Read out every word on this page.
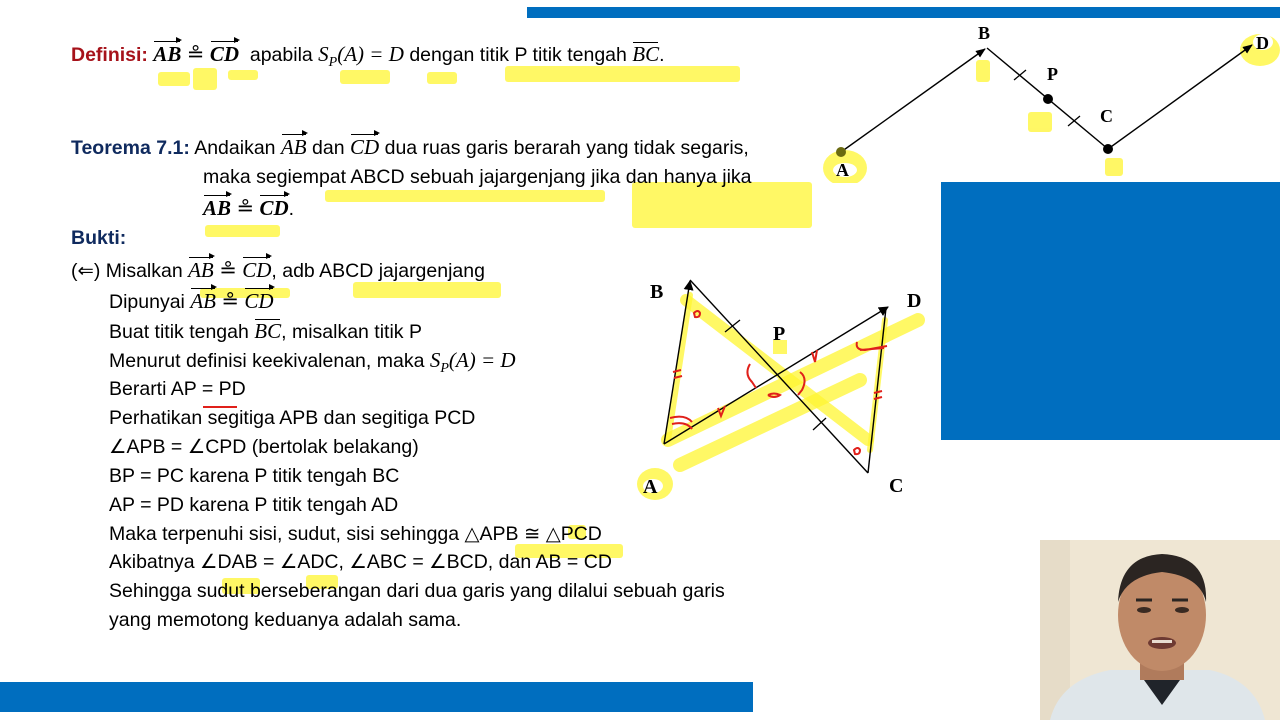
Definisi: AB ≗ CD apabila $S_P(A) = D$ dengan titik P titik tengah BC.
Teorema 7.1: Andaikan AB dan CD dua ruas garis berarah yang tidak segaris,
maka segiempat ABCD sebuah jajargenjang jika dan hanya jika
AB ≗ CD.
Bukti:
(⇐) Misalkan AB ≗ CD, adb ABCD jajargenjang
Dipunyai AB ≗ CD
Buat titik tengah BC, misalkan titik P
Menurut definisi keekivalenan, maka $S_P(A) = D$
Berarti AP = PD
Perhatikan segitiga APB dan segitiga PCD
∠APB = ∠CPD (bertolak belakang)
BP = PC karena P titik tengah BC
AP = PD karena P titik tengah AD
Maka terpenuhi sisi, sudut, sisi sehingga △APB ≅ △PCD
Akibatnya ∠DAB = ∠ADC, ∠ABC = ∠BCD, dan AB = CD
Sehingga sudut berseberangan dari dua garis yang dilalui sebuah garis
yang memotong keduanya adalah sama.
A
B
P
C
D
B	D
P
A	C
